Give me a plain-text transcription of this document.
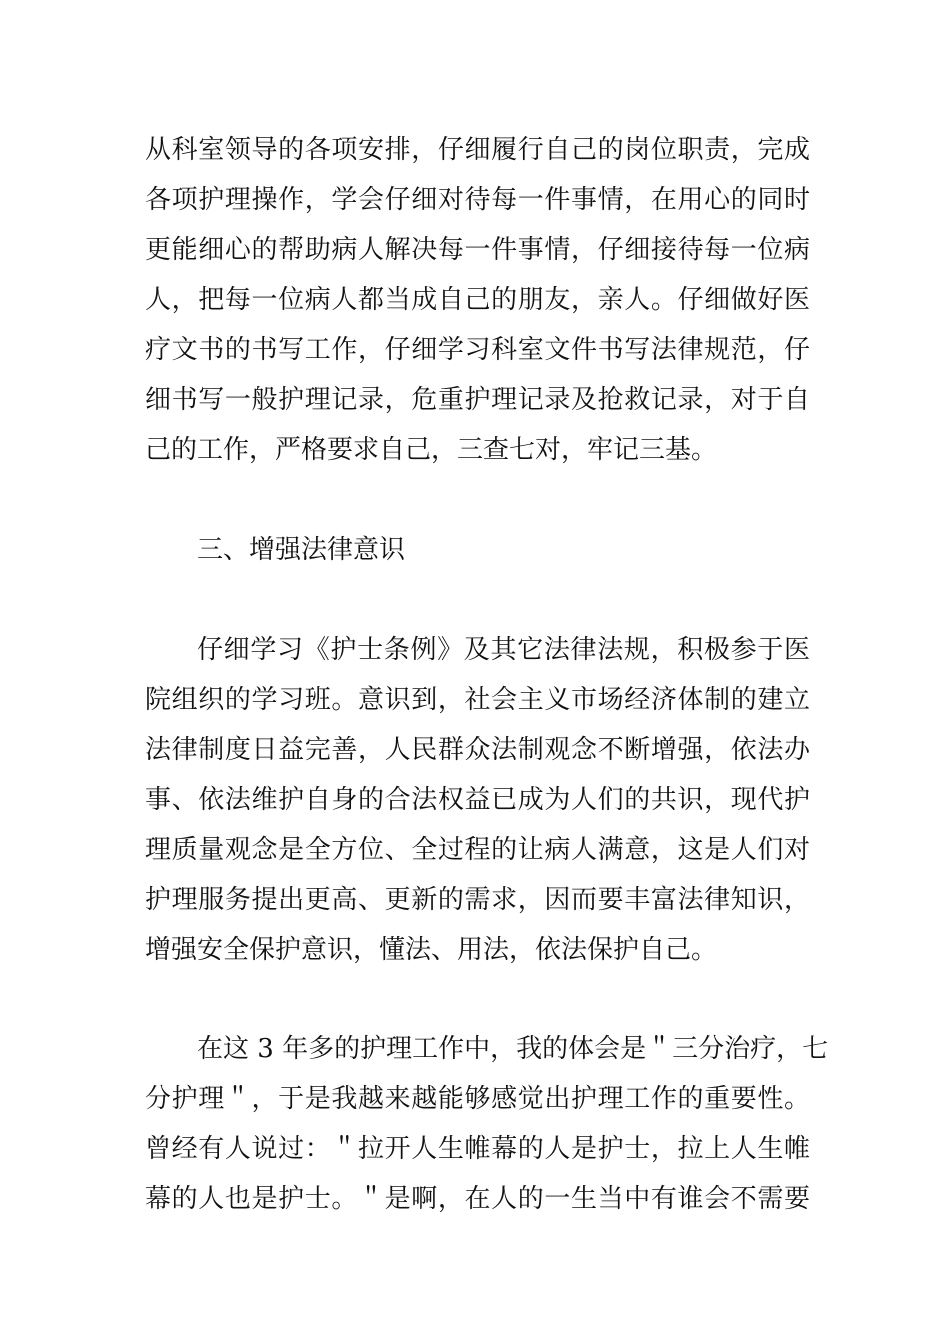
从科室领导的各项安排，仔细履行自己的岗位职责，完成
各项护理操作，学会仔细对待每一件事情，在用心的同时
更能细心的帮助病人解决每一件事情，仔细接待每一位病
人，把每一位病人都当成自己的朋友，亲人。仔细做好医
疗文书的书写工作，仔细学习科室文件书写法律规范，仔
细书写一般护理记录，危重护理记录及抢救记录，对于自
己的工作，严格要求自己，三查七对，牢记三基。
三、增强法律意识
仔细学习《护士条例》及其它法律法规，积极参于医
院组织的学习班。意识到，社会主义市场经济体制的建立
法律制度日益完善，人民群众法制观念不断增强，依法办
事、依法维护自身的合法权益已成为人们的共识，现代护
理质量观念是全方位、全过程的让病人满意，这是人们对
护理服务提出更高、更新的需求，因而要丰富法律知识，
增强安全保护意识，懂法、用法，依法保护自己。
在这 3 年多的护理工作中，我的体会是＂三分治疗，七
分护理＂，于是我越来越能够感觉出护理工作的重要性。
曾经有人说过：＂拉开人生帷幕的人是护士，拉上人生帷
幕的人也是护士。＂是啊，在人的一生当中有谁会不需要
